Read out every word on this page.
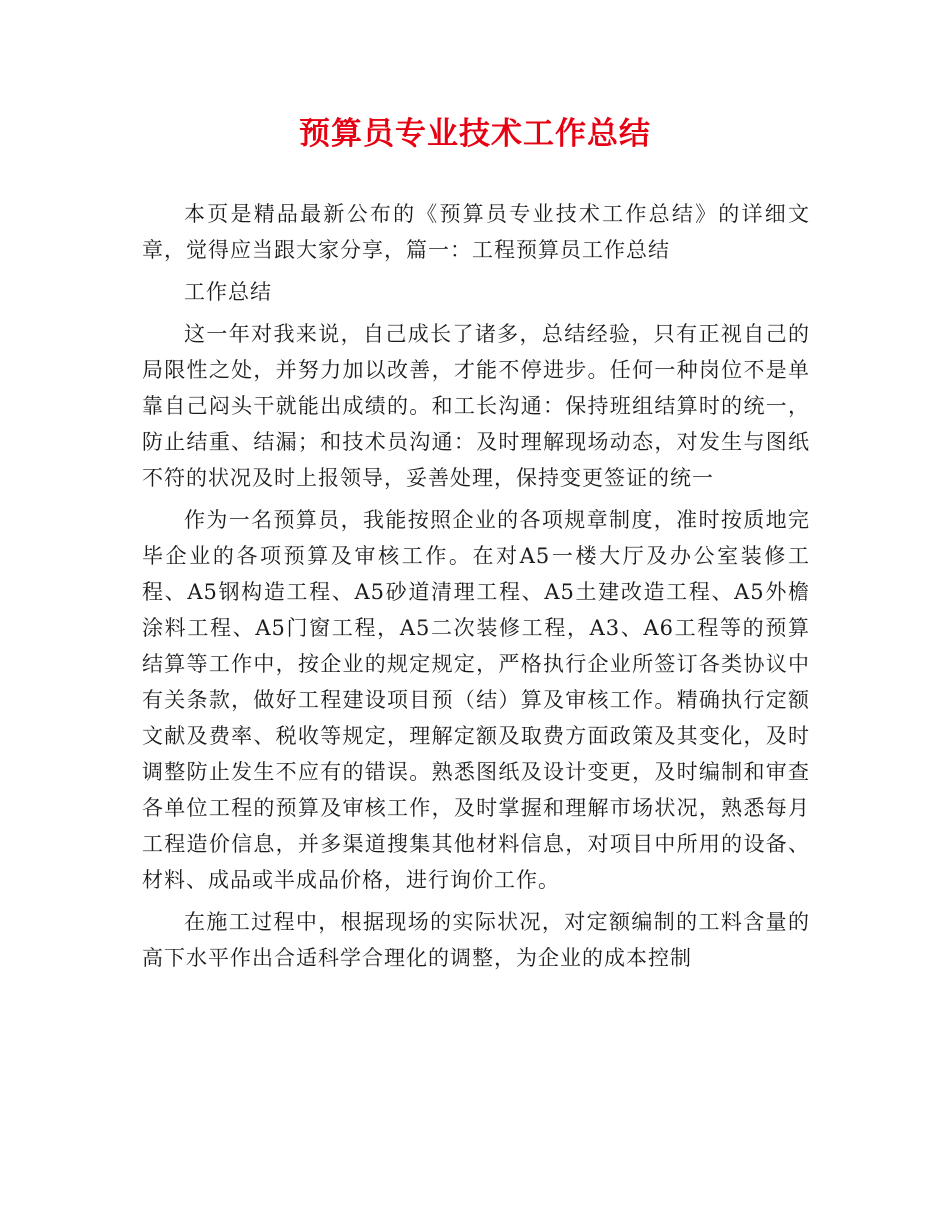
预算员专业技术工作总结

本页是精品最新公布的《预算员专业技术工作总结》的详细文章，觉得应当跟大家分享，篇一：工程预算员工作总结

工作总结

这一年对我来说，自己成长了诸多，总结经验，只有正视自己的局限性之处，并努力加以改善，才能不停进步。任何一种岗位不是单靠自己闷头干就能出成绩的。和工长沟通：保持班组结算时的统一，防止结重、结漏；和技术员沟通：及时理解现场动态，对发生与图纸不符的状况及时上报领导，妥善处理，保持变更签证的统一

作为一名预算员，我能按照企业的各项规章制度，准时按质地完毕企业的各项预算及审核工作。在对A5一楼大厅及办公室装修工程、A5钢构造工程、A5砂道清理工程、A5土建改造工程、A5外檐涂料工程、A5门窗工程，A5二次装修工程，A3、A6工程等的预算结算等工作中，按企业的规定规定，严格执行企业所签订各类协议中有关条款，做好工程建设项目预（结）算及审核工作。精确执行定额文献及费率、税收等规定，理解定额及取费方面政策及其变化，及时调整防止发生不应有的错误。熟悉图纸及设计变更，及时编制和审查各单位工程的预算及审核工作，及时掌握和理解市场状况，熟悉每月工程造价信息，并多渠道搜集其他材料信息，对项目中所用的设备、材料、成品或半成品价格，进行询价工作。

在施工过程中，根据现场的实际状况，对定额编制的工料含量的高下水平作出合适科学合理化的调整，为企业的成本控制
